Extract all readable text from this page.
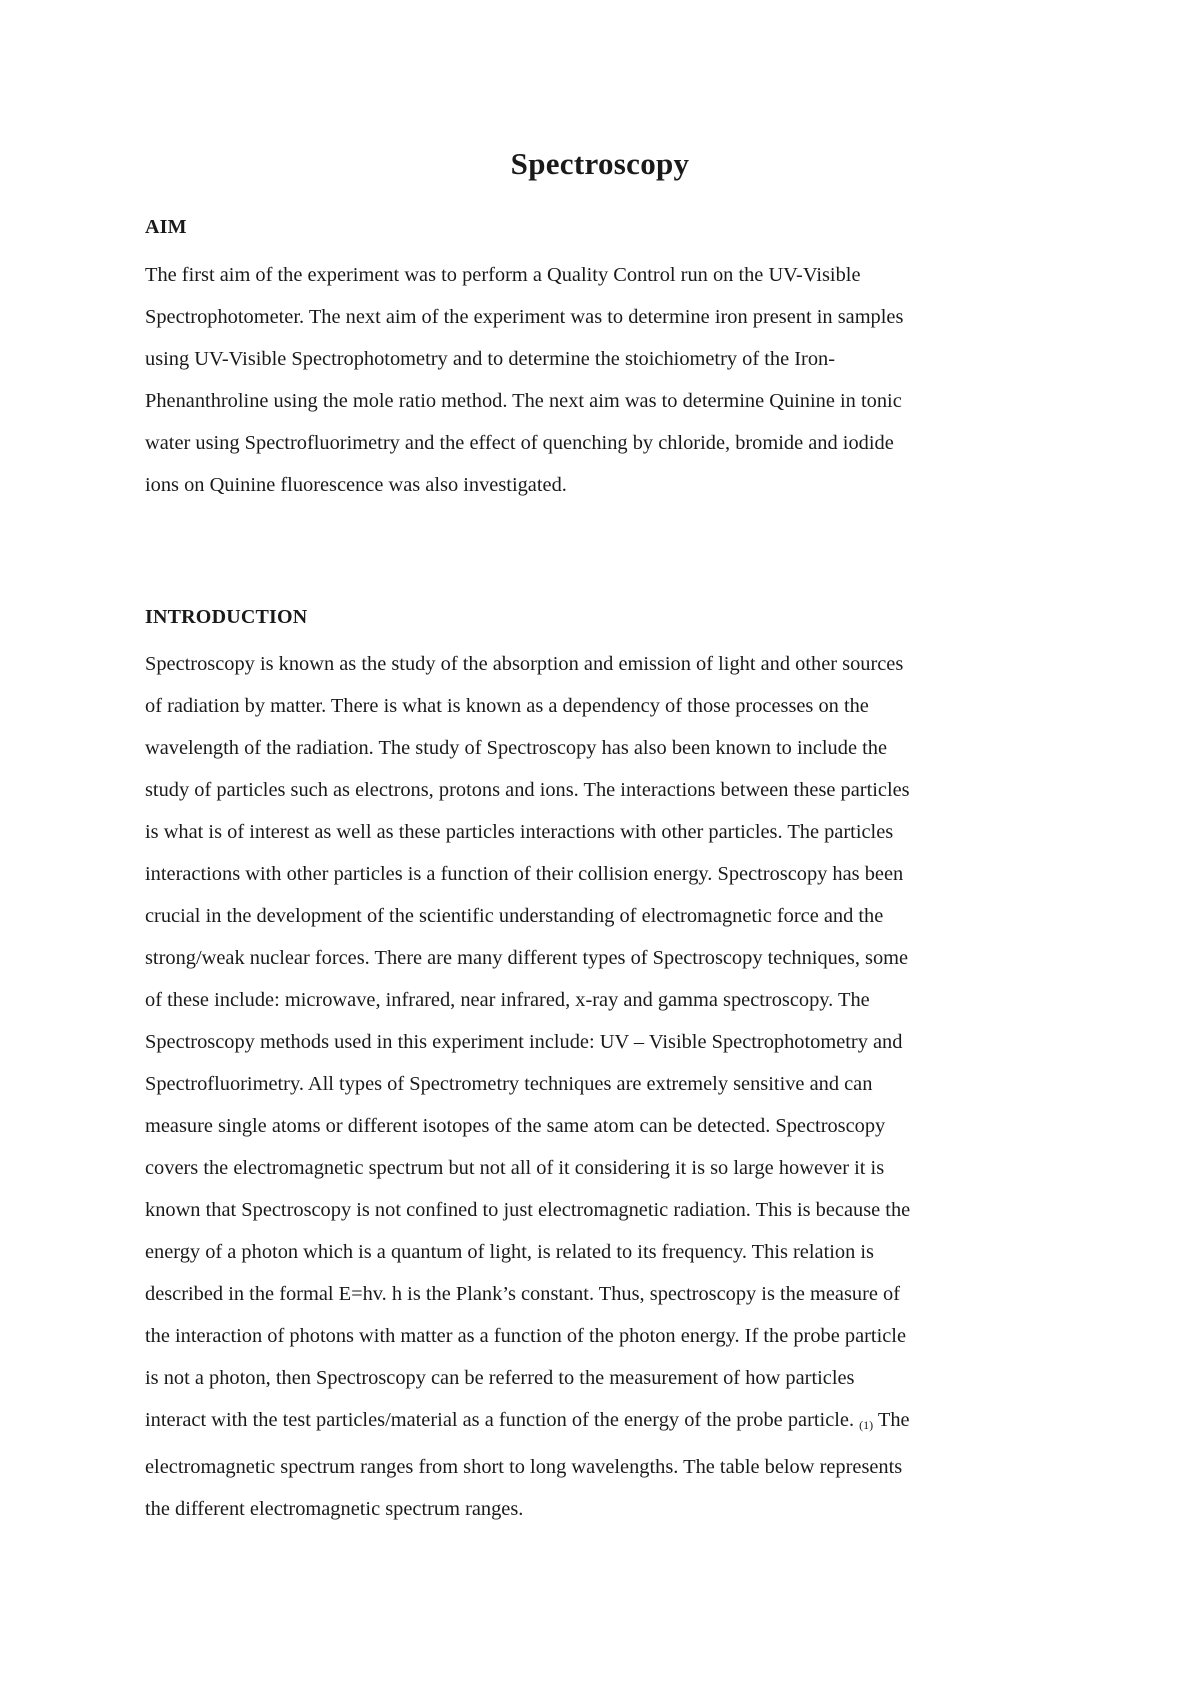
Spectroscopy
AIM
The first aim of the experiment was to perform a Quality Control run on the UV-Visible
Spectrophotometer. The next aim of the experiment was to determine iron present in samples
using UV-Visible Spectrophotometry and to determine the stoichiometry of the Iron-
Phenanthroline using the mole ratio method. The next aim was to determine Quinine in tonic
water using Spectrofluorimetry and the effect of quenching by chloride, bromide and iodide
ions on Quinine fluorescence was also investigated.
INTRODUCTION
Spectroscopy is known as the study of the absorption and emission of light and other sources
of radiation by matter. There is what is known as a dependency of those processes on the
wavelength of the radiation. The study of Spectroscopy has also been known to include the
study of particles such as electrons, protons and ions. The interactions between these particles
is what is of interest as well as these particles interactions with other particles. The particles
interactions with other particles is a function of their collision energy. Spectroscopy has been
crucial in the development of the scientific understanding of electromagnetic force and the
strong/weak nuclear forces. There are many different types of Spectroscopy techniques, some
of these include: microwave, infrared, near infrared, x-ray and gamma spectroscopy. The
Spectroscopy methods used in this experiment include: UV – Visible Spectrophotometry and
Spectrofluorimetry. All types of Spectrometry techniques are extremely sensitive and can
measure single atoms or different isotopes of the same atom can be detected. Spectroscopy
covers the electromagnetic spectrum but not all of it considering it is so large however it is
known that Spectroscopy is not confined to just electromagnetic radiation. This is because the
energy of a photon which is a quantum of light, is related to its frequency. This relation is
described in the formal E=hv. h is the Plank’s constant. Thus, spectroscopy is the measure of
the interaction of photons with matter as a function of the photon energy. If the probe particle
is not a photon, then Spectroscopy can be referred to the measurement of how particles
interact with the test particles/material as a function of the energy of the probe particle. (1) The
electromagnetic spectrum ranges from short to long wavelengths. The table below represents
the different electromagnetic spectrum ranges.
